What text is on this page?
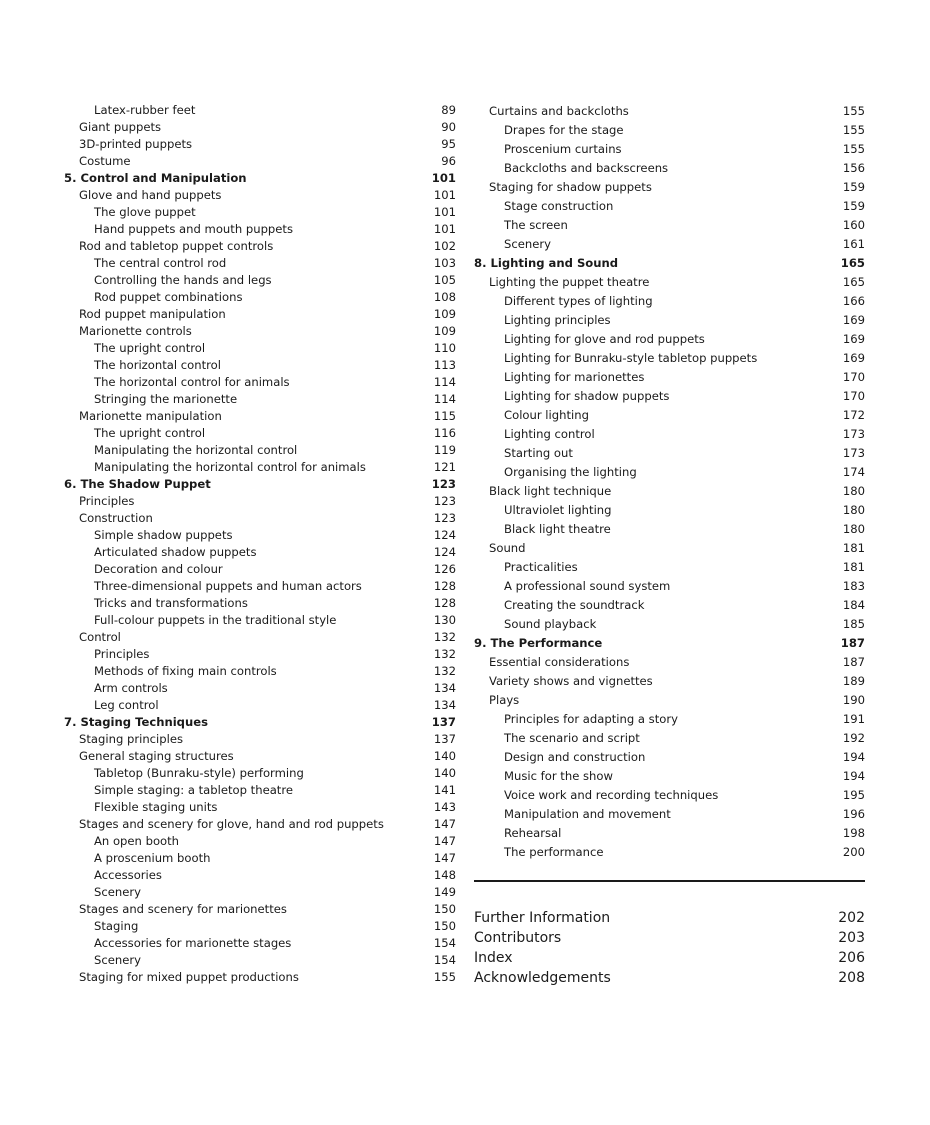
Latex-rubber feet	89
Giant puppets	90
3D-printed puppets	95
Costume	96
5. Control and Manipulation	101
Glove and hand puppets	101
The glove puppet	101
Hand puppets and mouth puppets	101
Rod and tabletop puppet controls	102
The central control rod	103
Controlling the hands and legs	105
Rod puppet combinations	108
Rod puppet manipulation	109
Marionette controls	109
The upright control	110
The horizontal control	113
The horizontal control for animals	114
Stringing the marionette	114
Marionette manipulation	115
The upright control	116
Manipulating the horizontal control	119
Manipulating the horizontal control for animals	121
6. The Shadow Puppet	123
Principles	123
Construction	123
Simple shadow puppets	124
Articulated shadow puppets	124
Decoration and colour	126
Three-dimensional puppets and human actors	128
Tricks and transformations	128
Full-colour puppets in the traditional style	130
Control	132
Principles	132
Methods of fixing main controls	132
Arm controls	134
Leg control	134
7. Staging Techniques	137
Staging principles	137
General staging structures	140
Tabletop (Bunraku-style) performing	140
Simple staging: a tabletop theatre	141
Flexible staging units	143
Stages and scenery for glove, hand and rod puppets	147
An open booth	147
A proscenium booth	147
Accessories	148
Scenery	149
Stages and scenery for marionettes	150
Staging	150
Accessories for marionette stages	154
Scenery	154
Staging for mixed puppet productions	155
Curtains and backcloths	155
Drapes for the stage	155
Proscenium curtains	155
Backcloths and backscreens	156
Staging for shadow puppets	159
Stage construction	159
The screen	160
Scenery	161
8. Lighting and Sound	165
Lighting the puppet theatre	165
Different types of lighting	166
Lighting principles	169
Lighting for glove and rod puppets	169
Lighting for Bunraku-style tabletop puppets	169
Lighting for marionettes	170
Lighting for shadow puppets	170
Colour lighting	172
Lighting control	173
Starting out	173
Organising the lighting	174
Black light technique	180
Ultraviolet lighting	180
Black light theatre	180
Sound	181
Practicalities	181
A professional sound system	183
Creating the soundtrack	184
Sound playback	185
9. The Performance	187
Essential considerations	187
Variety shows and vignettes	189
Plays	190
Principles for adapting a story	191
The scenario and script	192
Design and construction	194
Music for the show	194
Voice work and recording techniques	195
Manipulation and movement	196
Rehearsal	198
The performance	200
Further Information	202
Contributors	203
Index	206
Acknowledgements	208
